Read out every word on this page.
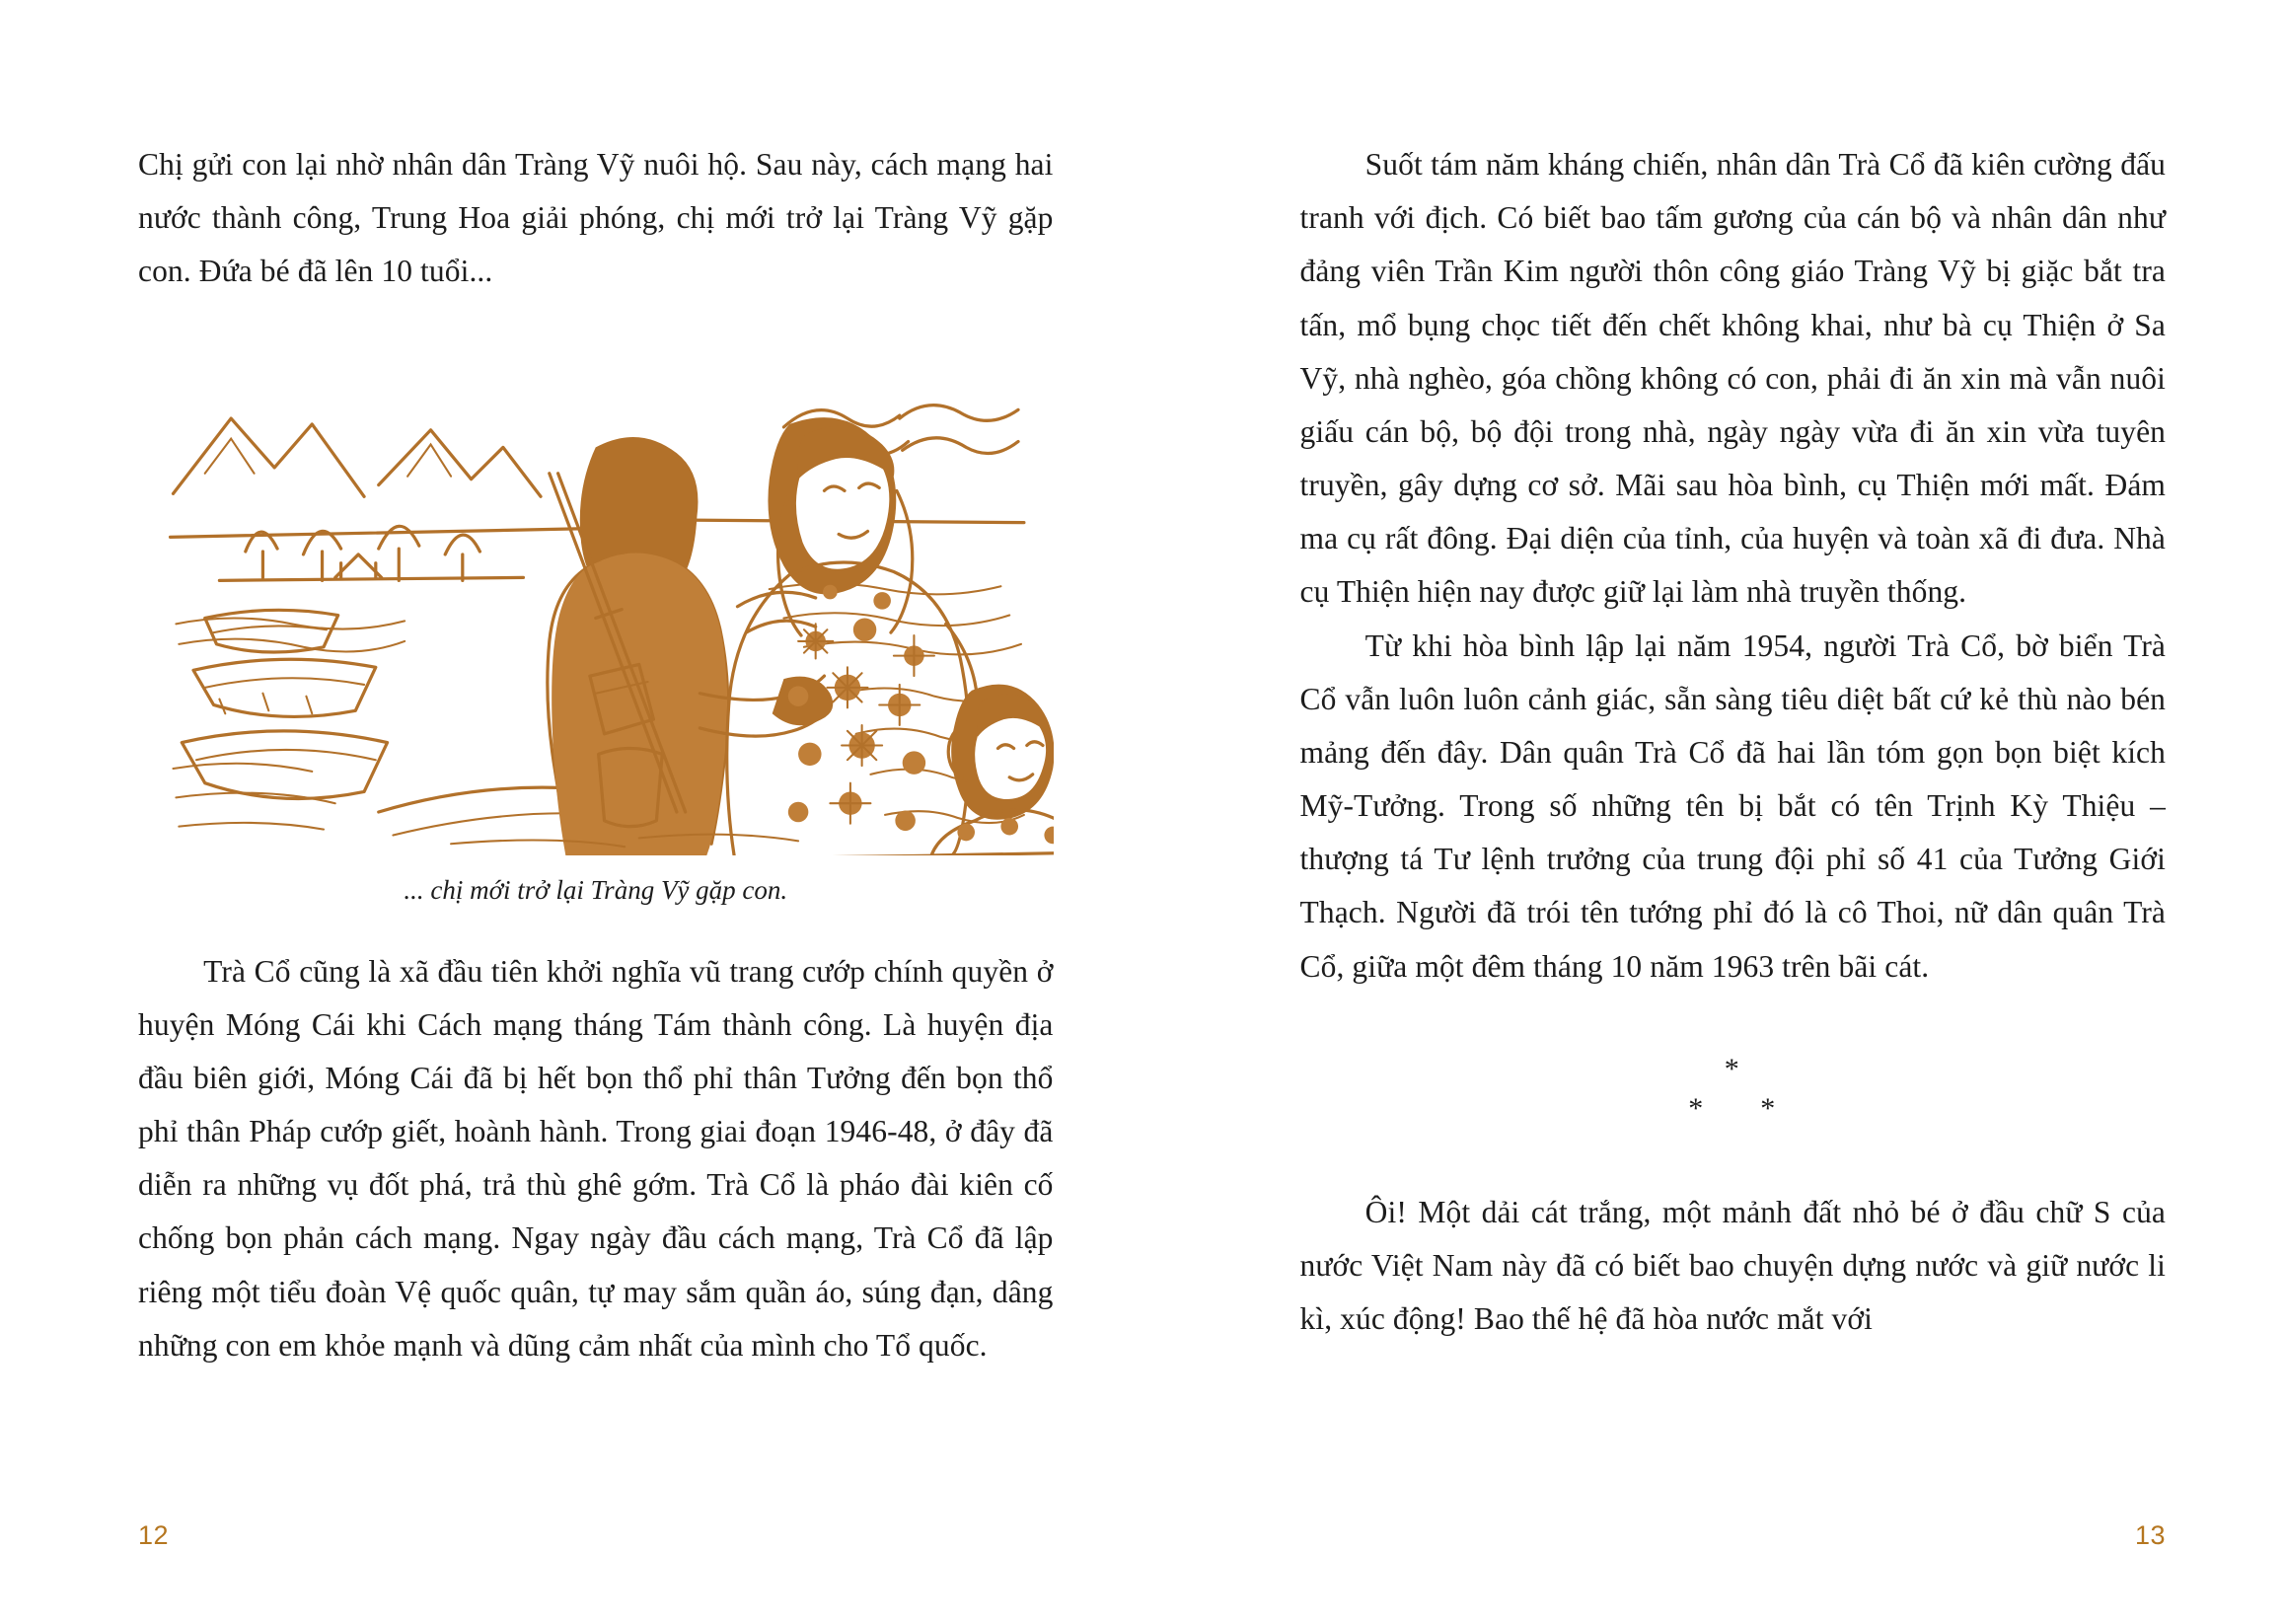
Chị gửi con lại nhờ nhân dân Tràng Vỹ nuôi hộ. Sau này, cách mạng hai nước thành công, Trung Hoa giải phóng, chị mới trở lại Tràng Vỹ gặp con. Đứa bé đã lên 10 tuổi...

... chị mới trở lại Tràng Vỹ gặp con.

Trà Cổ cũng là xã đầu tiên khởi nghĩa vũ trang cướp chính quyền ở huyện Móng Cái khi Cách mạng tháng Tám thành công. Là huyện địa đầu biên giới, Móng Cái đã bị hết bọn thổ phỉ thân Tưởng đến bọn thổ phỉ thân Pháp cướp giết, hoành hành. Trong giai đoạn 1946-48, ở đây đã diễn ra những vụ đốt phá, trả thù ghê gớm. Trà Cổ là pháo đài kiên cố chống bọn phản cách mạng. Ngay ngày đầu cách mạng, Trà Cổ đã lập riêng một tiểu đoàn Vệ quốc quân, tự may sắm quần áo, súng đạn, dâng những con em khỏe mạnh và dũng cảm nhất của mình cho Tổ quốc.

12

Suốt tám năm kháng chiến, nhân dân Trà Cổ đã kiên cường đấu tranh với địch. Có biết bao tấm gương của cán bộ và nhân dân như đảng viên Trần Kim người thôn công giáo Tràng Vỹ bị giặc bắt tra tấn, mổ bụng chọc tiết đến chết không khai, như bà cụ Thiện ở Sa Vỹ, nhà nghèo, góa chồng không có con, phải đi ăn xin mà vẫn nuôi giấu cán bộ, bộ đội trong nhà, ngày ngày vừa đi ăn xin vừa tuyên truyền, gây dựng cơ sở. Mãi sau hòa bình, cụ Thiện mới mất. Đám ma cụ rất đông. Đại diện của tỉnh, của huyện và toàn xã đi đưa. Nhà cụ Thiện hiện nay được giữ lại làm nhà truyền thống.

Từ khi hòa bình lập lại năm 1954, người Trà Cổ, bờ biển Trà Cổ vẫn luôn luôn cảnh giác, sẵn sàng tiêu diệt bất cứ kẻ thù nào bén mảng đến đây. Dân quân Trà Cổ đã hai lần tóm gọn bọn biệt kích Mỹ-Tưởng. Trong số những tên bị bắt có tên Trịnh Kỳ Thiệu – thượng tá Tư lệnh trưởng của trung đội phỉ số 41 của Tưởng Giới Thạch. Người đã trói tên tướng phỉ đó là cô Thoi, nữ dân quân Trà Cổ, giữa một đêm tháng 10 năm 1963 trên bãi cát.

*
* *

Ôi! Một dải cát trắng, một mảnh đất nhỏ bé ở đầu chữ S của nước Việt Nam này đã có biết bao chuyện dựng nước và giữ nước li kì, xúc động! Bao thế hệ đã hòa nước mắt với

13
